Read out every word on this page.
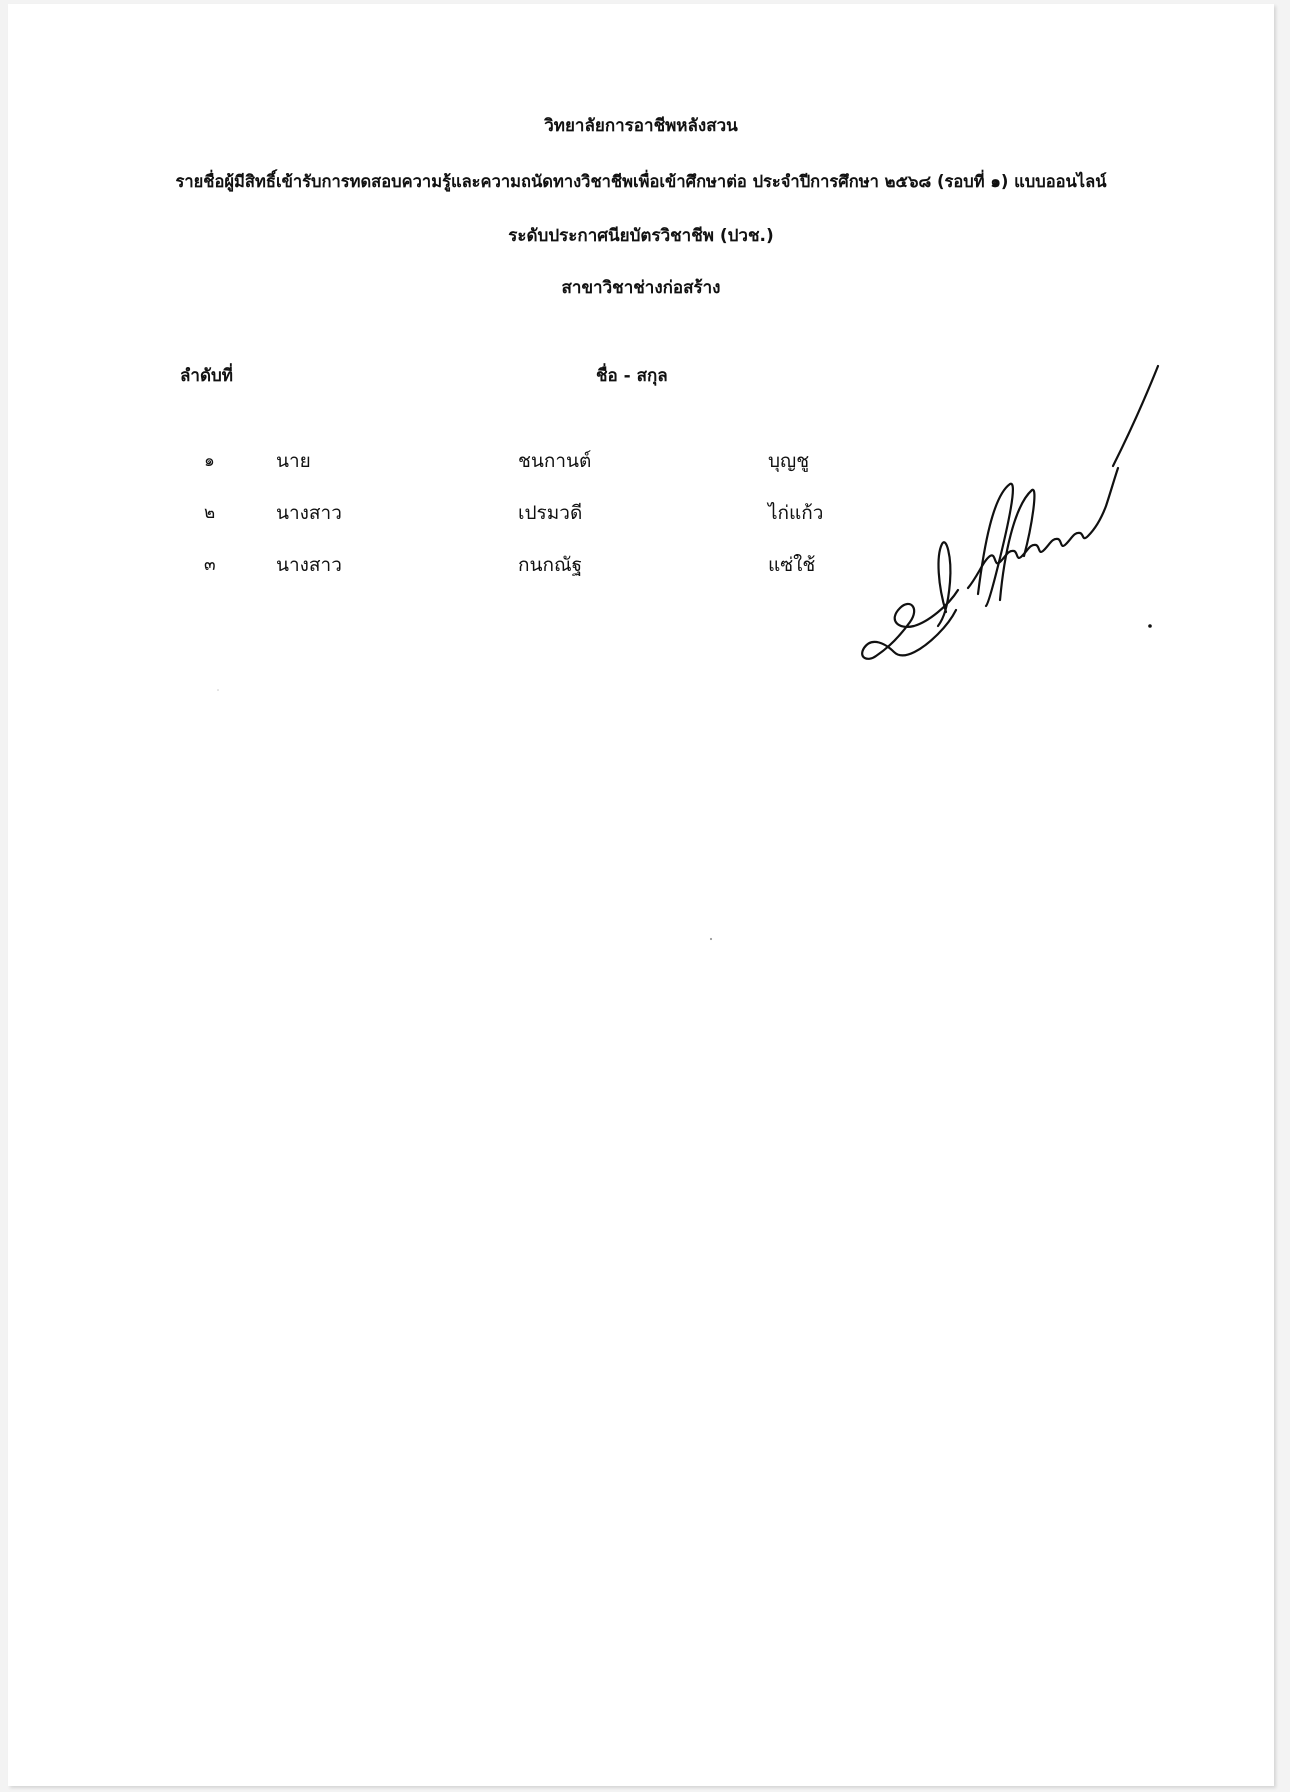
วิทยาลัยการอาชีพหลังสวน
รายชื่อผู้มีสิทธิ์เข้ารับการทดสอบความรู้และความถนัดทางวิชาชีพเพื่อเข้าศึกษาต่อ ประจำปีการศึกษา ๒๕๖๘ (รอบที่ ๑) แบบออนไลน์
ระดับประกาศนียบัตรวิชาชีพ (ปวช.)
สาขาวิชาช่างก่อสร้าง
ลำดับที่	ชื่อ - สกุล
๑	นาย	ชนกานต์	บุญชู
๒	นางสาว	เปรมวดี	ไก่แก้ว
๓	นางสาว	กนกณัฐ	แซ่ใช้
